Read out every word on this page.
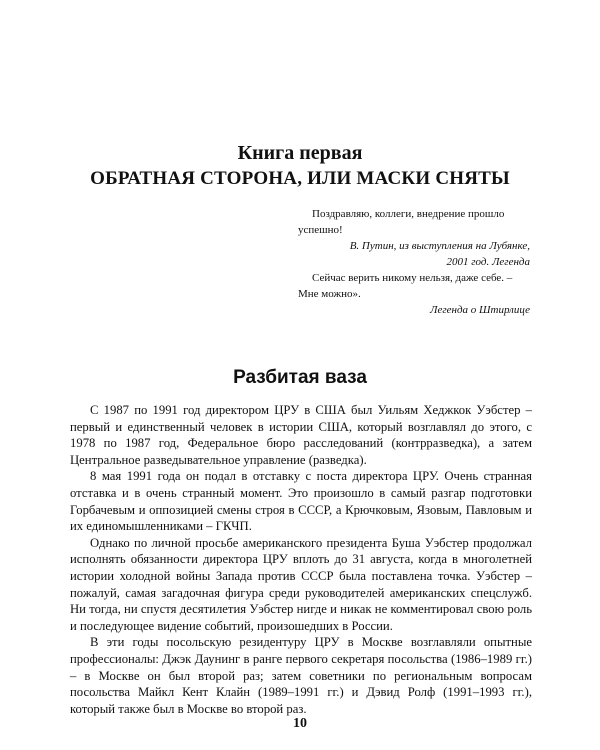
Книга первая
ОБРАТНАЯ СТОРОНА, ИЛИ МАСКИ СНЯТЫ

Поздравляю, коллеги, внедрение прошло успешно!

В. Путин, из выступления на Лубянке,

2001 год. Легенда

Сейчас верить никому нельзя, даже себе. – Мне можно».

Легенда о Штирлице

Разбитая ваза

С 1987 по 1991 год директором ЦРУ в США был Уильям Хеджкок Уэбстер – первый и единственный человек в истории США, который возглавлял до этого, с 1978 по 1987 год, Федеральное бюро расследований (контрразведка), а затем Центральное разведывательное управление (разведка).

8 мая 1991 года он подал в отставку с поста директора ЦРУ. Очень странная отставка и в очень странный момент. Это произошло в самый разгар подготовки Горбачевым и оппозицией смены строя в СССР, а Крючковым, Язовым, Павловым и их единомышленниками – ГКЧП.

Однако по личной просьбе американского президента Буша Уэбстер продолжал исполнять обязанности директора ЦРУ вплоть до 31 августа, когда в многолетней истории холодной войны Запада против СССР была поставлена точка. Уэбстер – пожалуй, самая загадочная фигура среди руководителей американских спецслужб. Ни тогда, ни спустя десятилетия Уэбстер нигде и никак не комментировал свою роль и последующее видение событий, произошедших в России.

В эти годы посольскую резидентуру ЦРУ в Москве возглавляли опытные профессионалы: Джэк Даунинг в ранге первого секретаря посольства (1986–1989 гг.) – в Москве он был второй раз; затем советники по региональным вопросам посольства Майкл Кент Клайн (1989–1991 гг.) и Дэвид Ролф (1991–1993 гг.), который также был в Москве во второй раз.

10
